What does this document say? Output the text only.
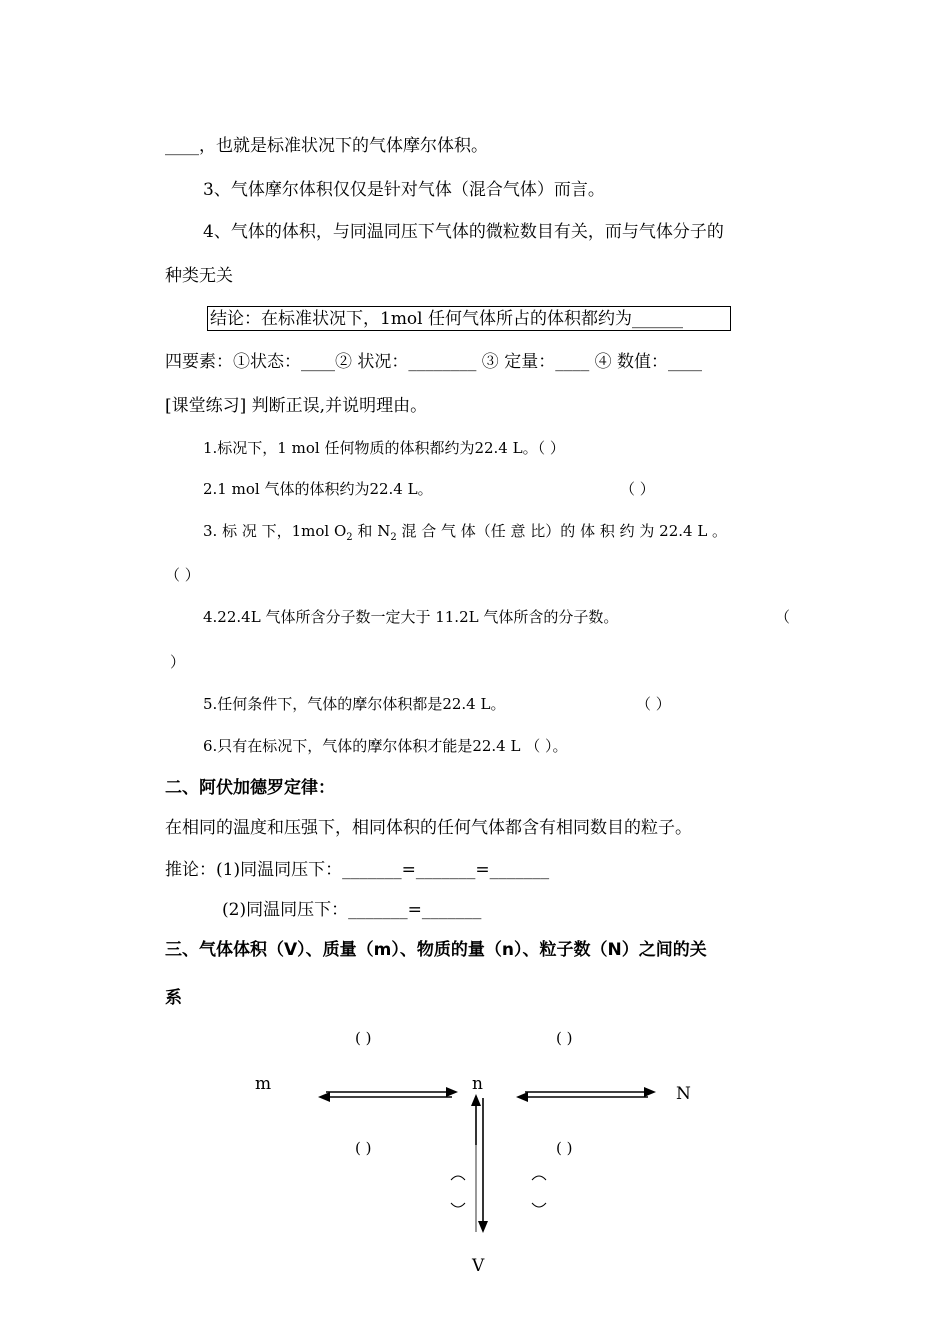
____，也就是标准状况下的气体摩尔体积。
3、气体摩尔体积仅仅是针对气体（混合气体）而言。
4、气体的体积，与同温同压下气体的微粒数目有关，而与气体分子的
种类无关
结论：在标准状况下，1mol 任何气体所占的体积都约为______
四要素：①状态：____② 状况：________ ③ 定量：____ ④ 数值：____
[课堂练习] 判断正误,并说明理由。
1.标况下，1 mol 任何物质的体积都约为22.4 L。（ ）
2.1 mol 气体的体积约为22.4 L。	（ ）
3. 标 况 下，1mol $O_2$ 和 $N_2$ 混 合 气 体（任 意 比）的 体 积 约 为 22.4 L 。
（ ）
4.22.4L 气体所含分子数一定大于 11.2L 气体所含的分子数。	（
）
5.任何条件下，气体的摩尔体积都是22.4 L。	（ ）
6.只有在标况下，气体的摩尔体积才能是22.4 L （ ）。
二、阿伏加德罗定律：
在相同的温度和压强下，相同体积的任何气体都含有相同数目的粒子。
推论：(1)同温同压下：_______=_______=_______
(2)同温同压下：_______=_______
三、气体体积（V）、质量（m）、物质的量（n）、粒子数（N）之间的关
系
( )	( )
( )	( )
m	n	N
V
